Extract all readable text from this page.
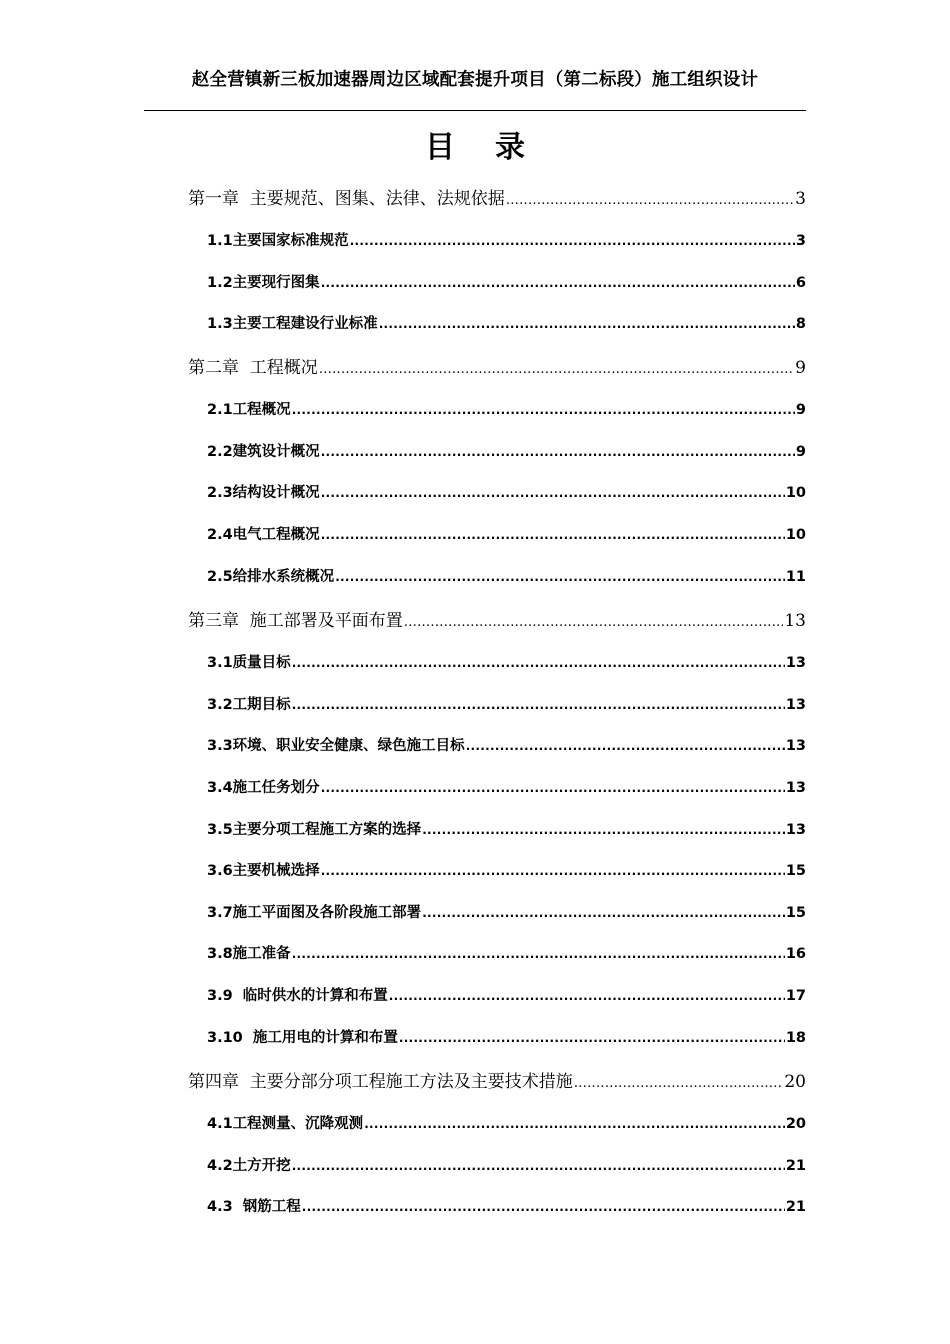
赵全营镇新三板加速器周边区域配套提升项目（第二标段）施工组织设计
目 录
第一章  主要规范、图集、法律、法规依据 .....	3
1.1主要国家标准规范 .....	3
1.2主要现行图集 .....	6
1.3主要工程建设行业标准 .....	8
第二章  工程概况 .....	9
2.1工程概况 .....	9
2.2建筑设计概况 .....	9
2.3结构设计概况 .....	10
2.4电气工程概况 .....	10
2.5给排水系统概况 .....	11
第三章  施工部署及平面布置 .....	13
3.1质量目标 .....	13
3.2工期目标 .....	13
3.3环境、职业安全健康、绿色施工目标 .....	13
3.4施工任务划分 .....	13
3.5主要分项工程施工方案的选择 .....	13
3.6主要机械选择 .....	15
3.7施工平面图及各阶段施工部署 .....	15
3.8施工准备 .....	16
3.9  临时供水的计算和布置 .....	17
3.10  施工用电的计算和布置 .....	18
第四章  主要分部分项工程施工方法及主要技术措施 .....	20
4.1工程测量、沉降观测 .....	20
4.2土方开挖 .....	21
4.3  钢筋工程 .....	21
